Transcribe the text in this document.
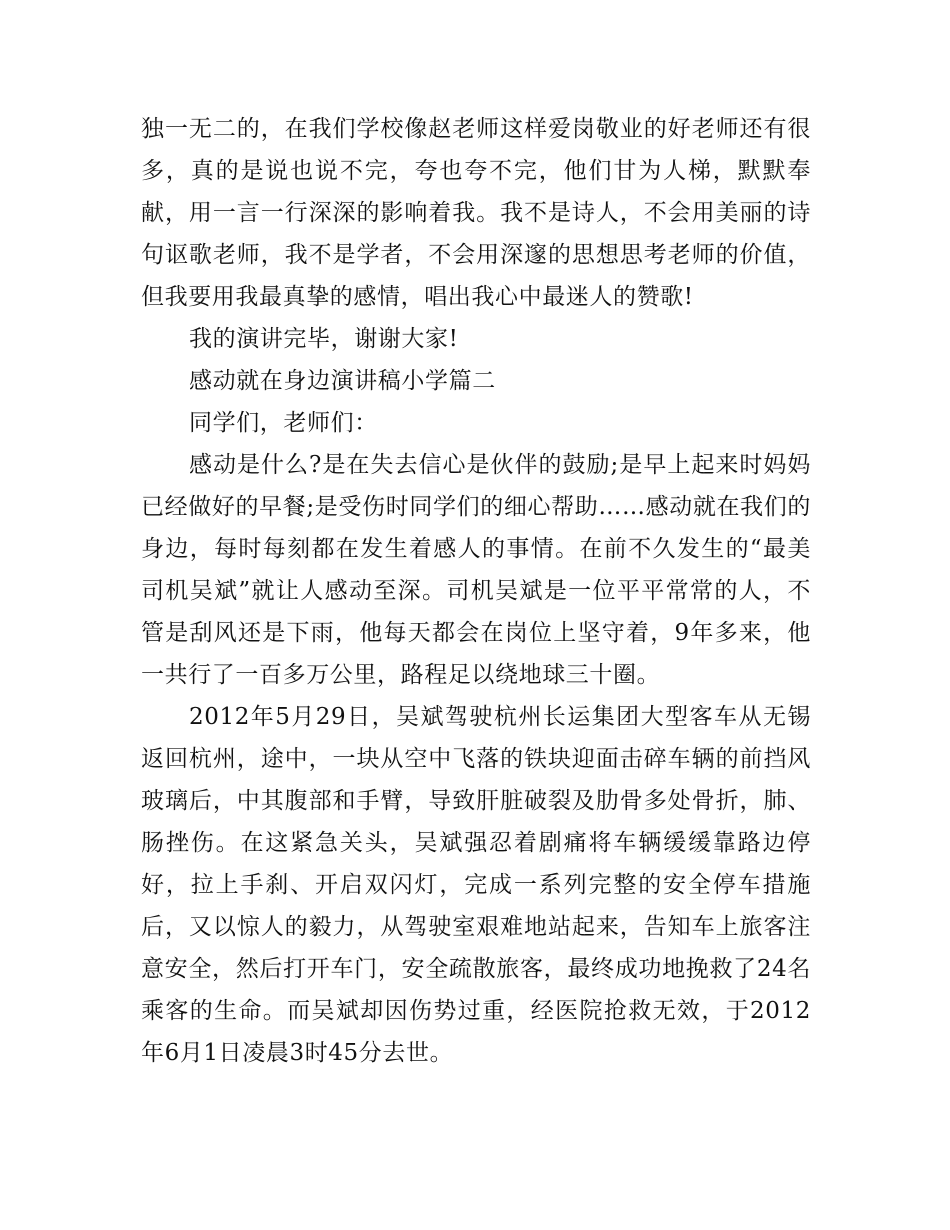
独一无二的，在我们学校像赵老师这样爱岗敬业的好老师还有很多，真的是说也说不完，夸也夸不完，他们甘为人梯，默默奉献，用一言一行深深的影响着我。我不是诗人，不会用美丽的诗句讴歌老师，我不是学者，不会用深邃的思想思考老师的价值，但我要用我最真挚的感情，唱出我心中最迷人的赞歌!

我的演讲完毕，谢谢大家!

感动就在身边演讲稿小学篇二

同学们，老师们：

感动是什么?是在失去信心是伙伴的鼓励;是早上起来时妈妈已经做好的早餐;是受伤时同学们的细心帮助……感动就在我们的身边，每时每刻都在发生着感人的事情。在前不久发生的“最美司机吴斌”就让人感动至深。司机吴斌是一位平平常常的人，不管是刮风还是下雨，他每天都会在岗位上坚守着，9年多来，他一共行了一百多万公里，路程足以绕地球三十圈。

2012年5月29日，吴斌驾驶杭州长运集团大型客车从无锡返回杭州，途中，一块从空中飞落的铁块迎面击碎车辆的前挡风玻璃后，中其腹部和手臂，导致肝脏破裂及肋骨多处骨折，肺、肠挫伤。在这紧急关头，吴斌强忍着剧痛将车辆缓缓靠路边停好，拉上手刹、开启双闪灯，完成一系列完整的安全停车措施后，又以惊人的毅力，从驾驶室艰难地站起来，告知车上旅客注意安全，然后打开车门，安全疏散旅客，最终成功地挽救了24名乘客的生命。而吴斌却因伤势过重，经医院抢救无效，于2012年6月1日凌晨3时45分去世。
